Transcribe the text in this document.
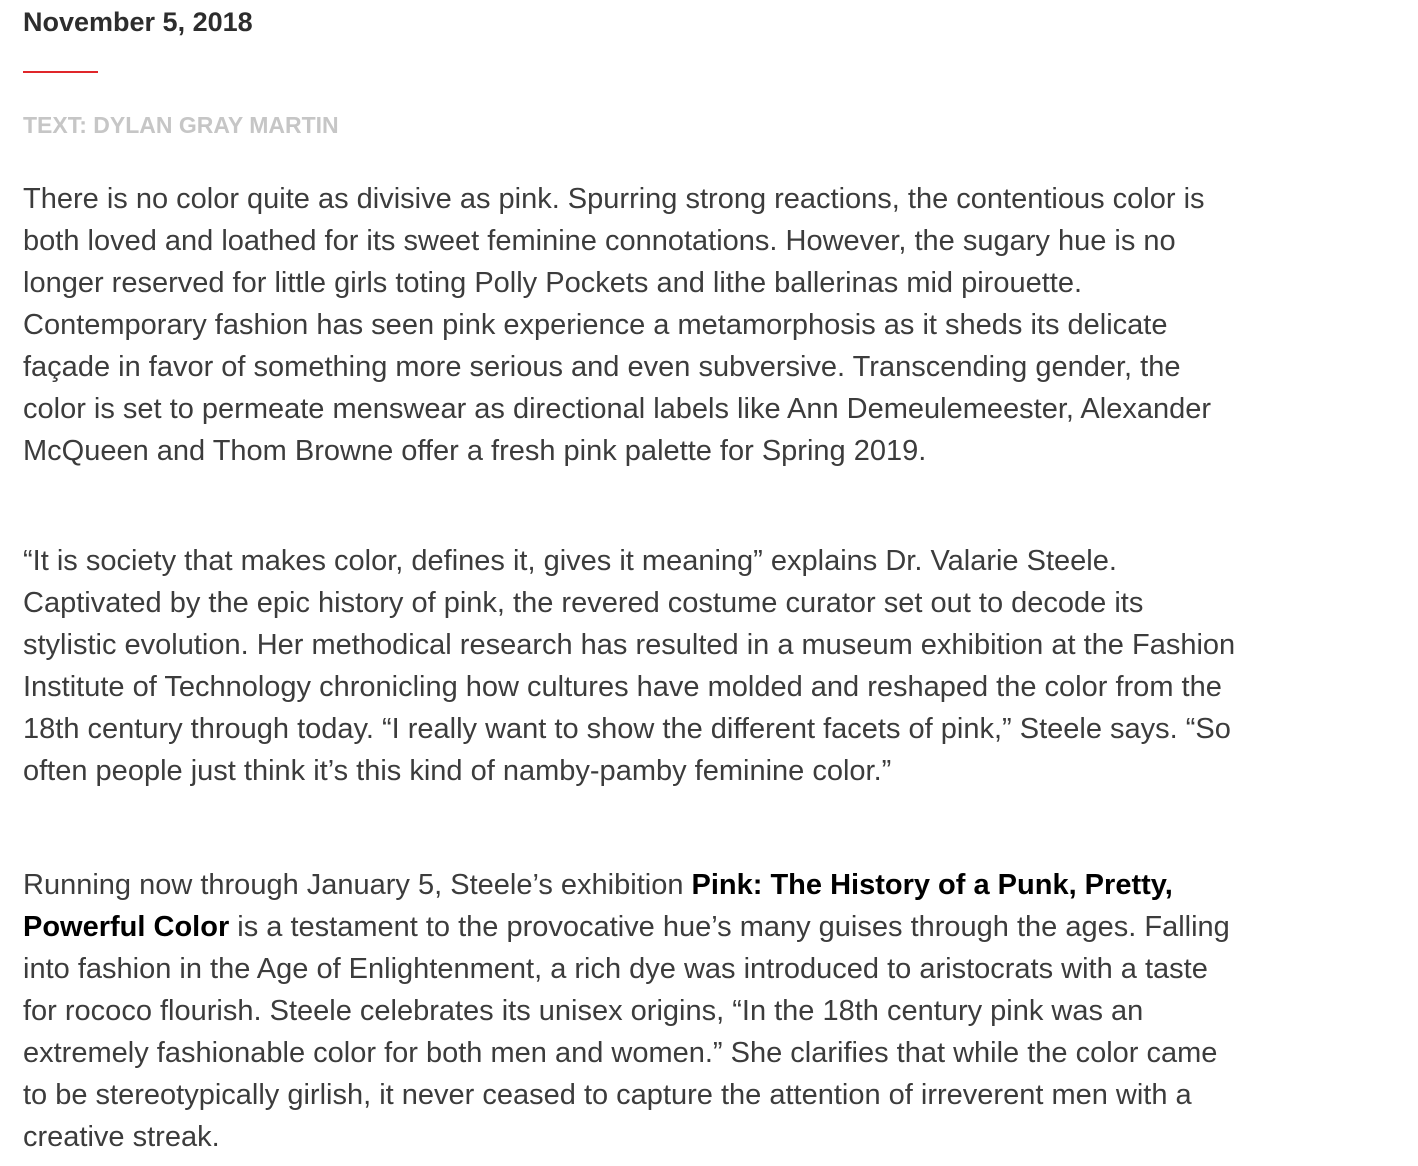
November 5, 2018
TEXT: DYLAN GRAY MARTIN

There is no color quite as divisive as pink. Spurring strong reactions, the contentious color is both loved and loathed for its sweet feminine connotations. However, the sugary hue is no longer reserved for little girls toting Polly Pockets and lithe ballerinas mid pirouette. Contemporary fashion has seen pink experience a metamorphosis as it sheds its delicate façade in favor of something more serious and even subversive. Transcending gender, the color is set to permeate menswear as directional labels like Ann Demeulemeester, Alexander McQueen and Thom Browne offer a fresh pink palette for Spring 2019.

“It is society that makes color, defines it, gives it meaning” explains Dr. Valarie Steele. Captivated by the epic history of pink, the revered costume curator set out to decode its stylistic evolution. Her methodical research has resulted in a museum exhibition at the Fashion Institute of Technology chronicling how cultures have molded and reshaped the color from the 18th century through today. “I really want to show the different facets of pink,” Steele says. “So often people just think it’s this kind of namby-pamby feminine color.”

Running now through January 5, Steele’s exhibition Pink: The History of a Punk, Pretty, Powerful Color is a testament to the provocative hue’s many guises through the ages. Falling into fashion in the Age of Enlightenment, a rich dye was introduced to aristocrats with a taste for rococo flourish. Steele celebrates its unisex origins, “In the 18th century pink was an extremely fashionable color for both men and women.” She clarifies that while the color came to be stereotypically girlish, it never ceased to capture the attention of irreverent men with a creative streak.
